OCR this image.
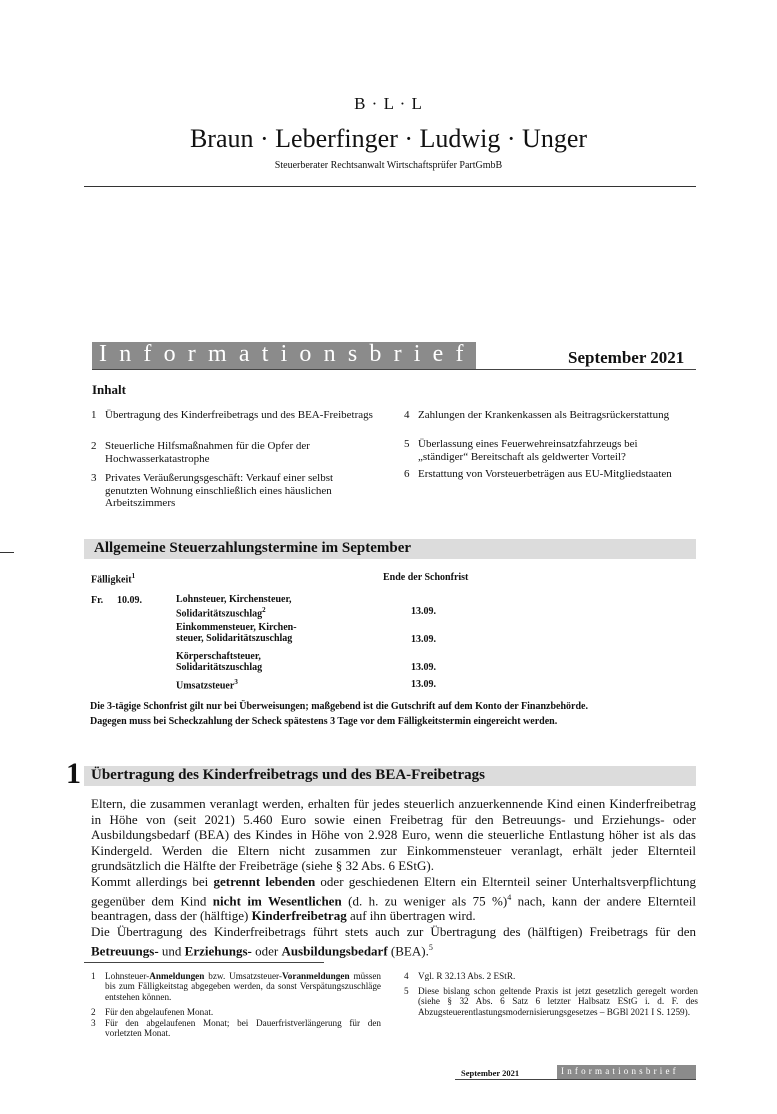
B · L · L
Braun · Leberfinger · Ludwig · Unger
Steuerberater Rechtsanwalt Wirtschaftsprüfer PartGmbB
Informationsbrief	September 2021
Inhalt
1 Übertragung des Kinderfreibetrags und des BEA-Freibetrags
2 Steuerliche Hilfsmaßnahmen für die Opfer der Hochwasserkatastrophe
3 Privates Veräußerungsgeschäft: Verkauf einer selbst genutzten Wohnung einschließlich eines häuslichen Arbeitszimmers
4 Zahlungen der Krankenkassen als Beitragsrückerstattung
5 Überlassung eines Feuerwehreinsatzfahrzeugs bei „ständiger“ Bereitschaft als geldwerter Vorteil?
6 Erstattung von Vorsteuerbeträgen aus EU-Mitgliedstaaten
Allgemeine Steuerzahlungstermine im September
Fälligkeit$^1$	Ende der Schonfrist
Fr. 10.09.	Lohnsteuer, Kirchensteuer,
Solidaritätszuschlag$^2$	13.09.
Einkommensteuer, Kirchen-
steuer, Solidaritätszuschlag	13.09.
Körperschaftsteuer,
Solidaritätszuschlag	13.09.
Umsatzsteuer$^3$	13.09.
Die 3-tägige Schonfrist gilt nur bei Überweisungen; maßgebend ist die Gutschrift auf dem Konto der Finanzbehörde.
Dagegen muss bei Scheckzahlung der Scheck spätestens 3 Tage vor dem Fälligkeitstermin eingereicht werden.
1 Übertragung des Kinderfreibetrags und des BEA-Freibetrags

Eltern, die zusammen veranlagt werden, erhalten für jedes steuerlich anzuerkennende Kind einen Kinderfreibetrag in Höhe von (seit 2021) 5.460 Euro sowie einen Freibetrag für den Betreuungs- und Erziehungs- oder Ausbildungsbedarf (BEA) des Kindes in Höhe von 2.928 Euro, wenn die steuerliche Entlastung höher ist als das Kindergeld. Werden die Eltern nicht zusammen zur Einkommensteuer veranlagt, erhält jeder Elternteil grundsätzlich die Hälfte der Freibeträge (siehe § 32 Abs. 6 EStG).

Kommt allerdings bei getrennt lebenden oder geschiedenen Eltern ein Elternteil seiner Unterhaltsverpflichtung gegenüber dem Kind nicht im Wesentlichen (d. h. zu weniger als 75 %)$^4$ nach, kann der andere Elternteil beantragen, dass der (hälftige) Kinderfreibetrag auf ihn übertragen wird.

Die Übertragung des Kinderfreibetrags führt stets auch zur Übertragung des (hälftigen) Freibetrags für den Betreuungs- und Erziehungs- oder Ausbildungsbedarf (BEA).$^5$

1 Lohnsteuer-Anmeldungen bzw. Umsatzsteuer-Voranmeldungen müssen bis zum Fälligkeitstag abgegeben werden, da sonst Verspätungszuschläge entstehen können.
2 Für den abgelaufenen Monat.
3 Für den abgelaufenen Monat; bei Dauerfristverlängerung für den vorletzten Monat.
4 Vgl. R 32.13 Abs. 2 EStR.
5 Diese bislang schon geltende Praxis ist jetzt gesetzlich geregelt worden (siehe § 32 Abs. 6 Satz 6 letzter Halbsatz EStG i. d. F. des Abzugsteuerentlastungsmodernisierungsgesetzes – BGBl 2021 I S. 1259).
Informationsbrief
September 2021
